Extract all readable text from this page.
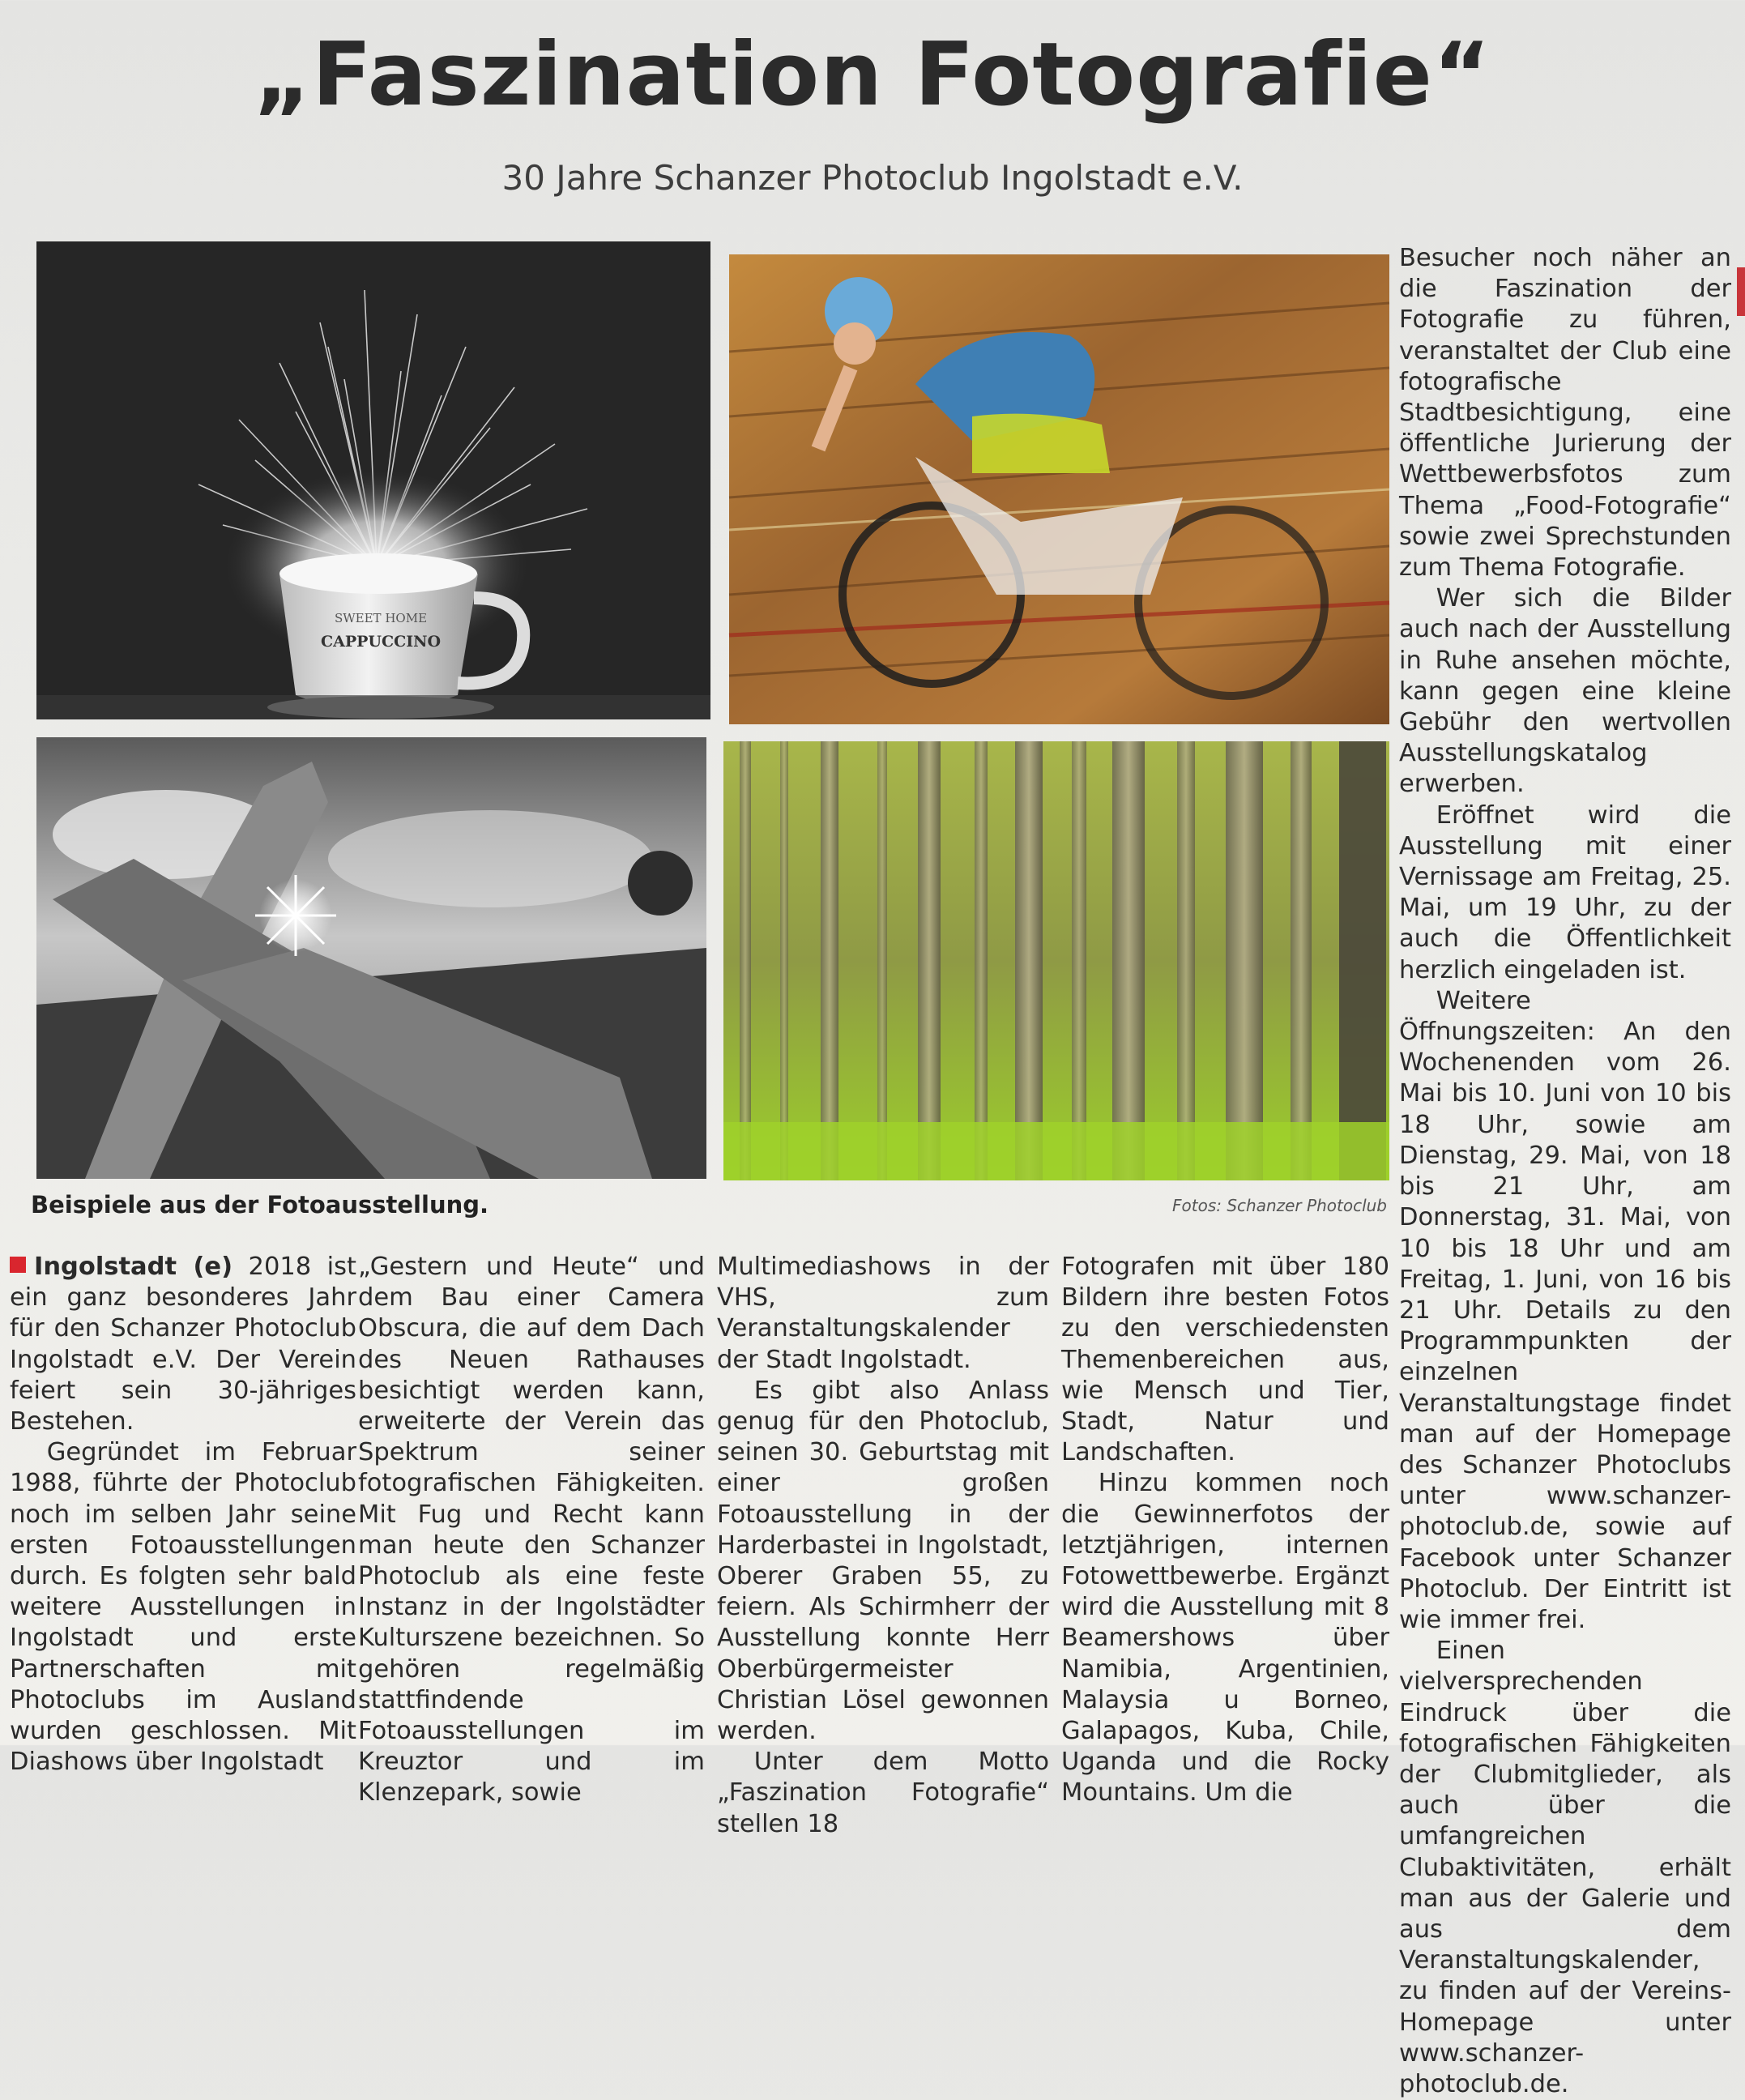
„Faszination Fotografie“
30 Jahre Schanzer Photoclub Ingolstadt e.V.
SWEET HOME
CAPPUCCINO
Beispiele aus der Fotoausstellung.	Fotos: Schanzer Photoclub

Ingolstadt (e) 2018 ist ein ganz besonderes Jahr für den Schanzer Photoclub Ingolstadt e.V. Der Verein feiert sein 30-jähriges Bestehen.

Gegründet im Februar 1988, führte der Photoclub noch im selben Jahr seine ersten Fotoausstellungen durch. Es folgten sehr bald weitere Ausstellungen in Ingolstadt und erste Partnerschaften mit Photoclubs im Ausland wurden geschlossen. Mit Diashows über Ingolstadt

„Gestern und Heute“ und dem Bau einer Camera Obscura, die auf dem Dach des Neuen Rathauses besichtigt werden kann, erweiterte der Verein das Spektrum seiner fotografischen Fähigkeiten. Mit Fug und Recht kann man heute den Schanzer Photoclub als eine feste Instanz in der Ingolstädter Kulturszene bezeichnen. So gehören regelmäßig stattfindende Fotoausstellungen im Kreuztor und im Klenzepark, sowie

Multimediashows in der VHS, zum Veranstaltungskalender der Stadt Ingolstadt.

Es gibt also Anlass genug für den Photoclub, seinen 30. Geburtstag mit einer großen Fotoausstellung in der Harderbastei in Ingolstadt, Oberer Graben 55, zu feiern. Als Schirmherr der Ausstellung konnte Herr Oberbürgermeister Christian Lösel gewonnen werden.

Unter dem Motto „Faszination Fotografie“ stellen 18

Fotografen mit über 180 Bildern ihre besten Fotos zu den verschiedensten Themenbereichen aus, wie Mensch und Tier, Stadt, Natur und Landschaften.

Hinzu kommen noch die Gewinnerfotos der letztjährigen, internen Fotowettbewerbe. Ergänzt wird die Ausstellung mit 8 Beamershows über Namibia, Argentinien, Malaysia u Borneo, Galapagos, Kuba, Chile, Uganda und die Rocky Mountains. Um die

Besucher noch näher an die Faszination der Fotografie zu führen, veranstaltet der Club eine fotografische Stadtbesichtigung, eine öffentliche Jurierung der Wettbewerbsfotos zum Thema „Food-Fotografie“ sowie zwei Sprechstunden zum Thema Fotografie.

Wer sich die Bilder auch nach der Ausstellung in Ruhe ansehen möchte, kann gegen eine kleine Gebühr den wertvollen Ausstellungskatalog erwerben.

Eröffnet wird die Ausstellung mit einer Vernissage am Freitag, 25. Mai, um 19 Uhr, zu der auch die Öffentlichkeit herzlich eingeladen ist.

Weitere Öffnungszeiten: An den Wochenenden vom 26. Mai bis 10. Juni von 10 bis 18 Uhr, sowie am Dienstag, 29. Mai, von 18 bis 21 Uhr, am Donnerstag, 31. Mai, von 10 bis 18 Uhr und am Freitag, 1. Juni, von 16 bis 21 Uhr. Details zu den Programmpunkten der einzelnen Veranstaltungstage findet man auf der Homepage des Schanzer Photoclubs unter www.schanzer-photoclub.de, sowie auf Facebook unter Schanzer Photoclub. Der Eintritt ist wie immer frei.

Einen vielversprechenden Eindruck über die fotografischen Fähigkeiten der Clubmitglieder, als auch über die umfangreichen Clubaktivitäten, erhält man aus der Galerie und aus dem Veranstaltungskalender, zu finden auf der Vereins-Homepage unter www.schanzer-photoclub.de.
